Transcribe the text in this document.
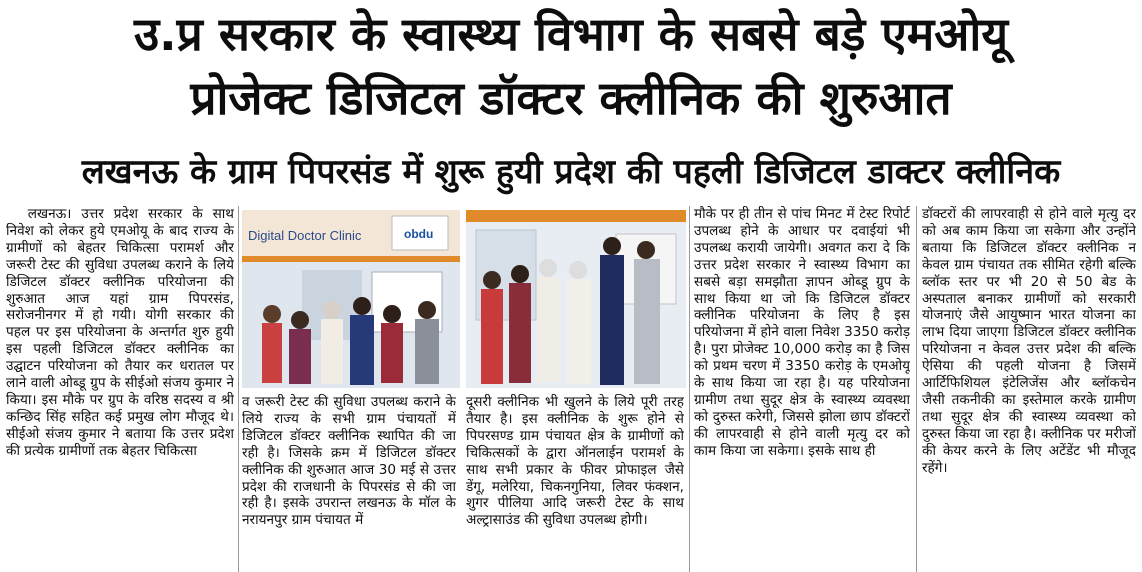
उ.प्र सरकार के स्वास्थ्य विभाग के सबसे बड़े एमओयू
प्रोजेक्ट डिजिटल डॉक्टर क्लीनिक की शुरुआत
लखनऊ के ग्राम पिपरसंड में शुरू हुयी प्रदेश की पहली डिजिटल डाक्टर क्लीनिक

लखनऊ। उत्तर प्रदेश सरकार के साथ निवेश को लेकर हुये एमओयू के बाद राज्य के ग्रामीणों को बेहतर चिकित्सा परामर्श और जरूरी टेस्ट की सुविधा उपलब्ध कराने के लिये डिजिटल डॉक्टर क्लीनिक परियोजना की शुरुआत आज यहां ग्राम पिपरसंड, सरोजनीनगर में हो गयी। योगी सरकार की पहल पर इस परियोजना के अन्तर्गत शुरु हुयी इस पहली डिजिटल डॉक्टर क्लीनिक का उद्घाटन परियोजना को तैयार कर धरातल पर लाने वाली ओब्डू ग्रुप के सीईओ संजय कुमार ने किया। इस मौके पर ग्रुप के वरिष्ठ सदस्य व श्री कन्छिद सिंह सहित कई प्रमुख लोग मौजूद थे। सीईओ संजय कुमार ने बताया कि उत्तर प्रदेश की प्रत्येक ग्रामीणों तक बेहतर चिकित्सा

Digital Doctor Clinic	obdu

व जरूरी टेस्ट की सुविधा उपलब्ध कराने के लिये राज्य के सभी ग्राम पंचायतों में डिजिटल डॉक्टर क्लीनिक स्थापित की जा रही है। जिसके क्रम में डिजिटल डॉक्टर क्लीनिक की शुरुआत आज 30 मई से उत्तर प्रदेश की राजधानी के पिपरसंड से की जा रही है। इसके उपरान्त लखनऊ के मॉल के नरायनपुर ग्राम पंचायत में

दूसरी क्लीनिक भी खुलने के लिये पूरी तरह तैयार है। इस क्लीनिक के शुरू होने से पिपरसण्ड ग्राम पंचायत क्षेत्र के ग्रामीणों को चिकित्सकों के द्वारा ऑनलाईन परामर्श के साथ सभी प्रकार के फीवर प्रोफाइल जैसे डेंगू, मलेरिया, चिकनगुनिया, लिवर फंक्शन, शुगर पीलिया आदि जरूरी टेस्ट के साथ अल्ट्रासाउंड की सुविधा उपलब्ध होगी।

मौके पर ही तीन से पांच मिनट में टेस्ट रिपोर्ट उपलब्ध होने के आधार पर दवाईयां भी उपलब्ध करायी जायेगी। अवगत करा दे कि उत्तर प्रदेश सरकार ने स्वास्थ्य विभाग का सबसे बड़ा समझौता ज्ञापन ओब्डू ग्रुप के साथ किया था जो कि डिजिटल डॉक्टर क्लीनिक परियोजना के लिए है इस परियोजना में होने वाला निवेश 3350 करोड़ है। पुरा प्रोजेक्ट 10,000 करोड़ का है जिस को प्रथम चरण में 3350 करोड़ के एमओयू के साथ किया जा रहा है। यह परियोजना ग्रामीण तथा सुदूर क्षेत्र के स्वास्थ्य व्यवस्था को दुरुस्त करेगी, जिससे झोला छाप डॉक्टरों की लापरवाही से होने वाली मृत्यु दर को काम किया जा सकेगा। इसके साथ ही

डॉक्टरों की लापरवाही से होने वाले मृत्यु दर को अब काम किया जा सकेगा और उन्होंने बताया कि डिजिटल डॉक्टर क्लीनिक न केवल ग्राम पंचायत तक सीमित रहेगी बल्कि ब्लॉक स्तर पर भी 20 से 50 बेड के अस्पताल बनाकर ग्रामीणों को सरकारी योजनाएं जैसे आयुष्मान भारत योजना का लाभ दिया जाएगा डिजिटल डॉक्टर क्लीनिक परियोजना न केवल उत्तर प्रदेश की बल्कि ऐसिया की पहली योजना है जिसमें आर्टिफिशियल इंटेलिजेंस और ब्लॉकचेन जैसी तकनीकी का इस्तेमाल करके ग्रामीण तथा सुदूर क्षेत्र की स्वास्थ्य व्यवस्था को दुरुस्त किया जा रहा है। क्लीनिक पर मरीजों की केयर करने के लिए अटेंडेंट भी मौजूद रहेंगे।
